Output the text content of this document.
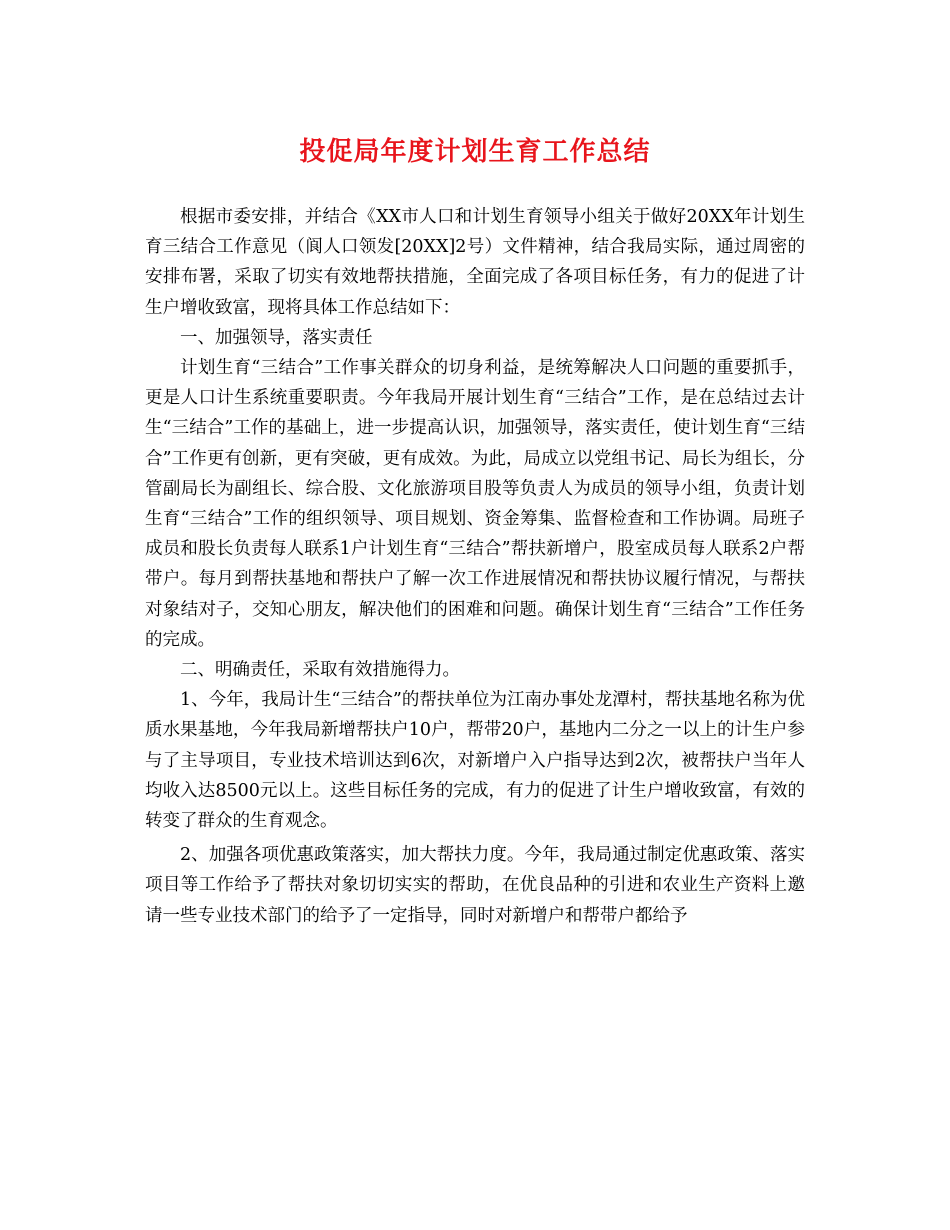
投促局年度计划生育工作总结

根据市委安排，并结合《XX市人口和计划生育领导小组关于做好20XX年计划生育三结合工作意见（阆人口领发[20XX]2号）文件精神，结合我局实际，通过周密的安排布署，采取了切实有效地帮扶措施，全面完成了各项目标任务，有力的促进了计生户增收致富，现将具体工作总结如下：

一、加强领导，落实责任

计划生育“三结合”工作事关群众的切身利益，是统筹解决人口问题的重要抓手，更是人口计生系统重要职责。今年我局开展计划生育“三结合”工作，是在总结过去计生“三结合”工作的基础上，进一步提高认识，加强领导，落实责任，使计划生育“三结合”工作更有创新，更有突破，更有成效。为此，局成立以党组书记、局长为组长，分管副局长为副组长、综合股、文化旅游项目股等负责人为成员的领导小组，负责计划生育“三结合”工作的组织领导、项目规划、资金筹集、监督检查和工作协调。局班子成员和股长负责每人联系1户计划生育“三结合”帮扶新增户，股室成员每人联系2户帮带户。每月到帮扶基地和帮扶户了解一次工作进展情况和帮扶协议履行情况，与帮扶对象结对子，交知心朋友，解决他们的困难和问题。确保计划生育“三结合”工作任务的完成。

二、明确责任，采取有效措施得力。

1、今年，我局计生“三结合”的帮扶单位为江南办事处龙潭村，帮扶基地名称为优质水果基地，今年我局新增帮扶户10户，帮带20户，基地内二分之一以上的计生户参与了主导项目，专业技术培训达到6次，对新增户入户指导达到2次，被帮扶户当年人均收入达8500元以上。这些目标任务的完成，有力的促进了计生户增收致富，有效的转变了群众的生育观念。

2、加强各项优惠政策落实，加大帮扶力度。今年，我局通过制定优惠政策、落实项目等工作给予了帮扶对象切切实实的帮助，在优良品种的引进和农业生产资料上邀请一些专业技术部门的给予了一定指导，同时对新增户和帮带户都给予
